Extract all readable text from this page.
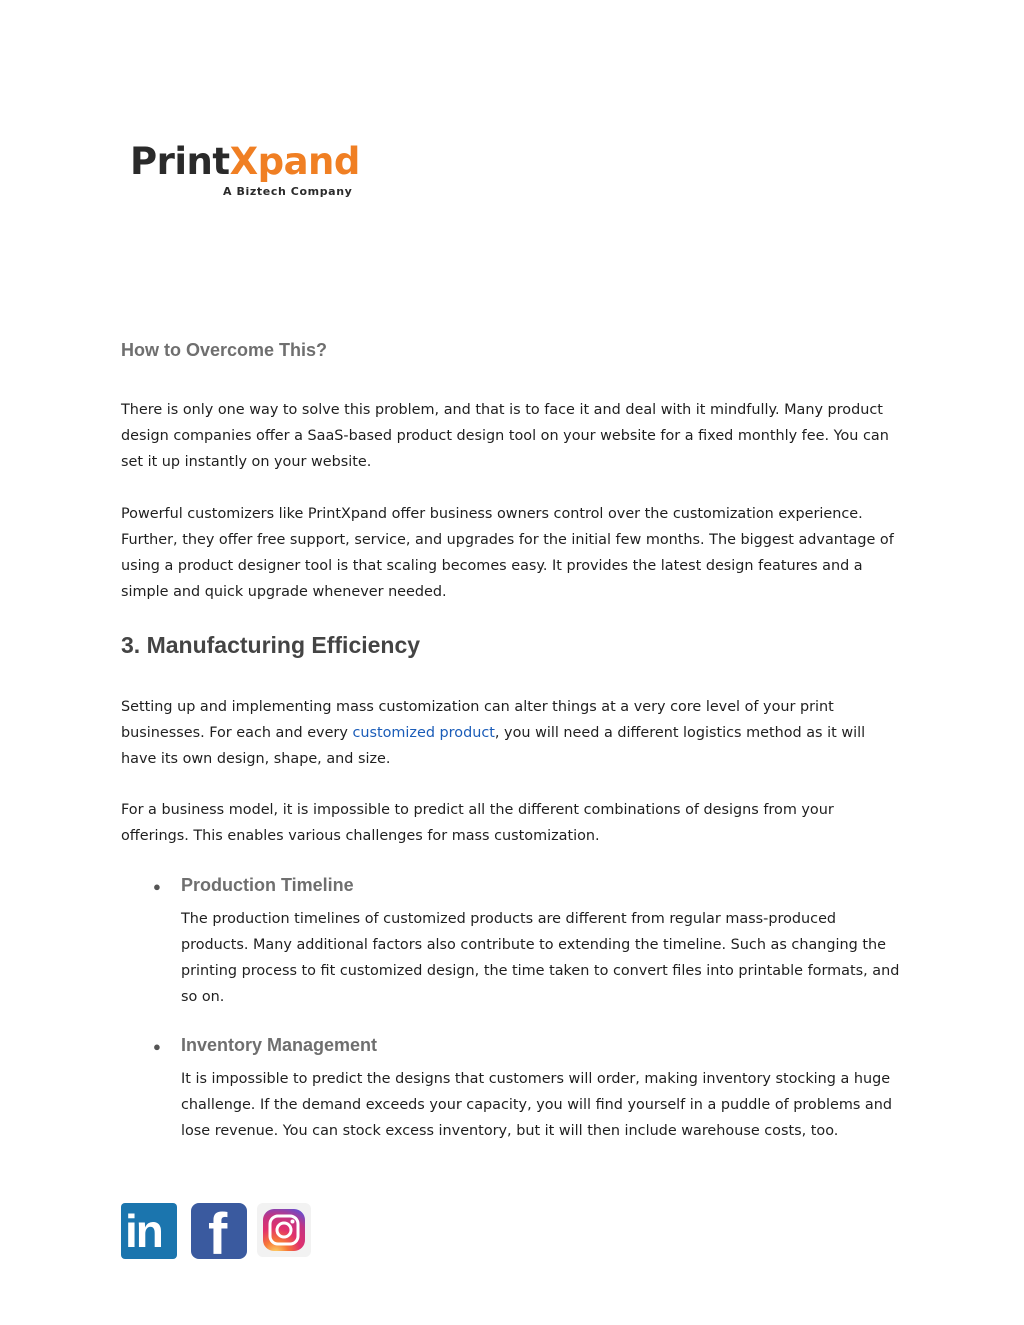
PrintXpand
A Biztech Company
How to Overcome This?

There is only one way to solve this problem, and that is to face it and deal with it mindfully. Many product design companies offer a SaaS-based product design tool on your website for a fixed monthly fee. You can set it up instantly on your website.

Powerful customizers like PrintXpand offer business owners control over the customization experience. Further, they offer free support, service, and upgrades for the initial few months. The biggest advantage of using a product designer tool is that scaling becomes easy. It provides the latest design features and a simple and quick upgrade whenever needed.

3. Manufacturing Efficiency

Setting up and implementing mass customization can alter things at a very core level of your print businesses. For each and every customized product, you will need a different logistics method as it will have its own design, shape, and size.

For a business model, it is impossible to predict all the different combinations of designs from your offerings. This enables various challenges for mass customization.

● Production Timeline

The production timelines of customized products are different from regular mass-produced products. Many additional factors also contribute to extending the timeline. Such as changing the printing process to fit customized design, the time taken to convert files into printable formats, and so on.

● Inventory Management

It is impossible to predict the designs that customers will order, making inventory stocking a huge challenge. If the demand exceeds your capacity, you will find yourself in a puddle of problems and lose revenue. You can stock excess inventory, but it will then include warehouse costs, too.

in f
